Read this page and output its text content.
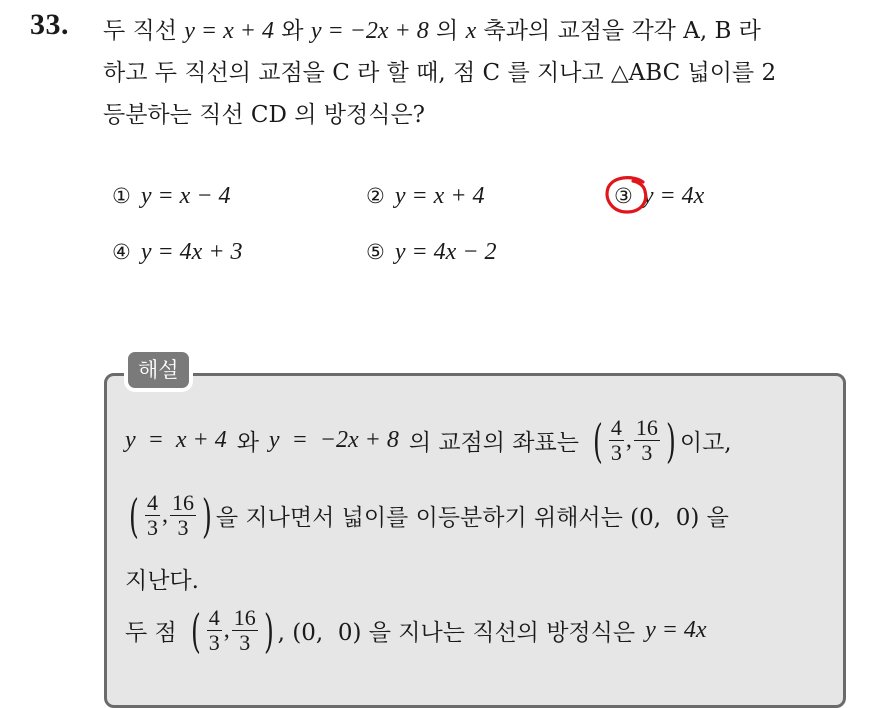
33. 두 직선 y = x + 4 와 y = −2x + 8 의 x 축과의 교점을 각각 A, B 라
하고 두 직선의 교점을 C 라 할 때, 점 C 를 지나고 △ABC 넓이를 2
등분하는 직선 CD 의 방정식은?
① y = x − 4	② y = x + 4	③ y = 4x
④ y = 4x + 3	⑤ y = 4x − 2
해설
y  =  x + 4 와 y  =  −2x + 8 의 교점의 좌표는 ( $\frac{4}{3}$ , $\frac{16}{3}$ ) 이고,
( $\frac{4}{3}$ , $\frac{16}{3}$ ) 을 지나면서 넓이를 이등분하기 위해서는 (0,  0) 을
지난다.
두 점 ( $\frac{4}{3}$ , $\frac{16}{3}$ ) , (0,  0) 을 지나는 직선의 방정식은 y = 4x
